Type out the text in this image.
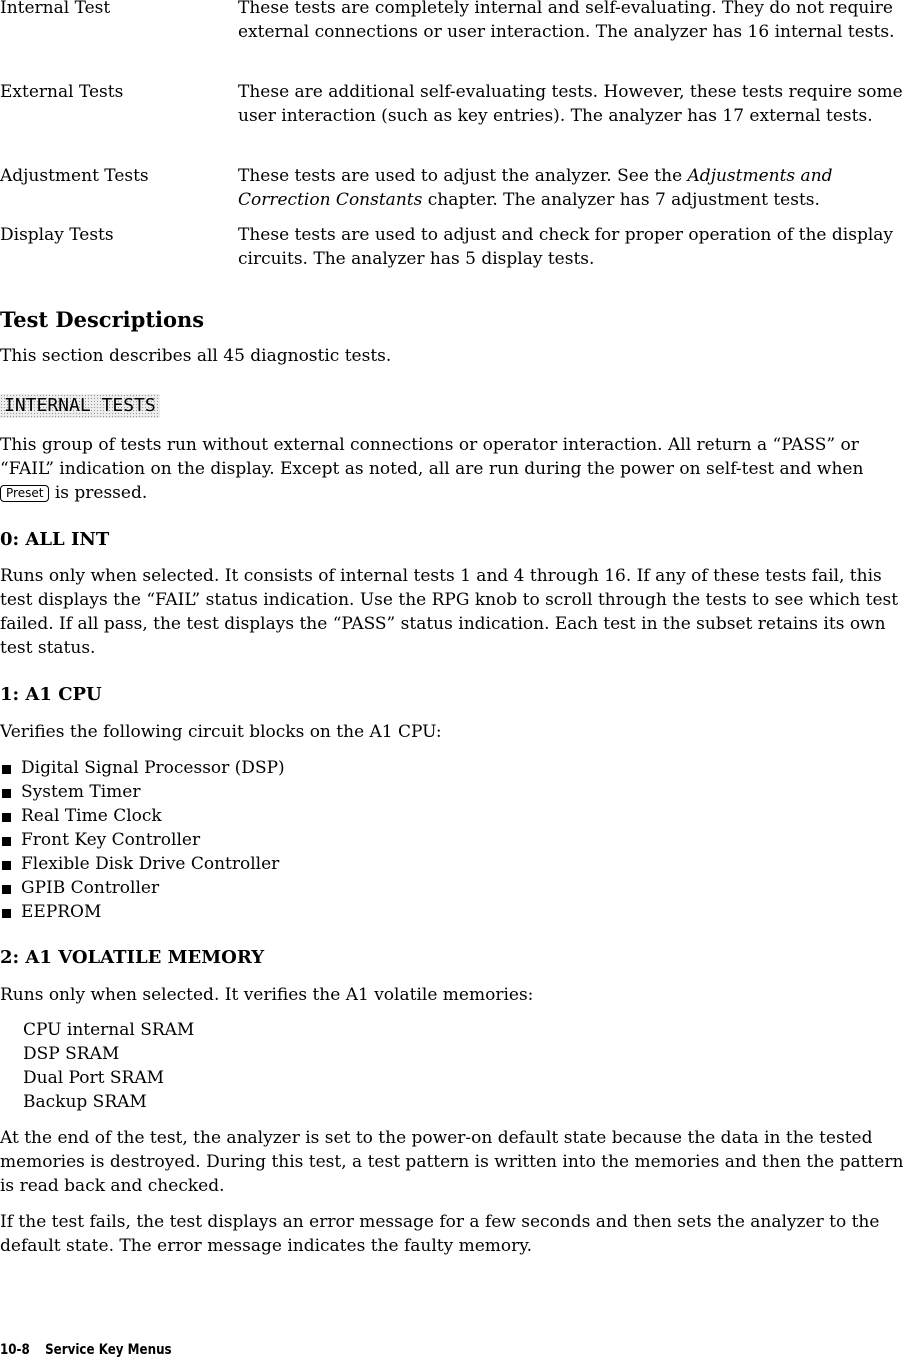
Internal Test	These tests are completely internal and self-evaluating. They do not require external connections or user interaction. The analyzer has 16 internal tests.
External Tests	These are additional self-evaluating tests. However, these tests require some user interaction (such as key entries). The analyzer has 17 external tests.
Adjustment Tests	These tests are used to adjust the analyzer. See the Adjustments and Correction Constants chapter. The analyzer has 7 adjustment tests.
Display Tests	These tests are used to adjust and check for proper operation of the display circuits. The analyzer has 5 display tests.
Test Descriptions

This section describes all 45 diagnostic tests.

INTERNAL TESTS

This group of tests run without external connections or operator interaction. All return a “PASS” or “FAIL” indication on the display. Except as noted, all are run during the power on self-test and when Preset is pressed.

0: ALL INT

Runs only when selected. It consists of internal tests 1 and 4 through 16. If any of these tests fail, this test displays the “FAIL” status indication. Use the RPG knob to scroll through the tests to see which test failed. If all pass, the test displays the “PASS” status indication. Each test in the subset retains its own test status.

1: A1 CPU

Verifies the following circuit blocks on the A1 CPU:

Digital Signal Processor (DSP)
System Timer
Real Time Clock
Front Key Controller
Flexible Disk Drive Controller
GPIB Controller
EEPROM
2: A1 VOLATILE MEMORY

Runs only when selected. It verifies the A1 volatile memories:

CPU internal SRAM
DSP SRAM
Dual Port SRAM
Backup SRAM

At the end of the test, the analyzer is set to the power-on default state because the data in the tested memories is destroyed. During this test, a test pattern is written into the memories and then the pattern is read back and checked.

If the test fails, the test displays an error message for a few seconds and then sets the analyzer to the default state. The error message indicates the faulty memory.

10-8 Service Key Menus
